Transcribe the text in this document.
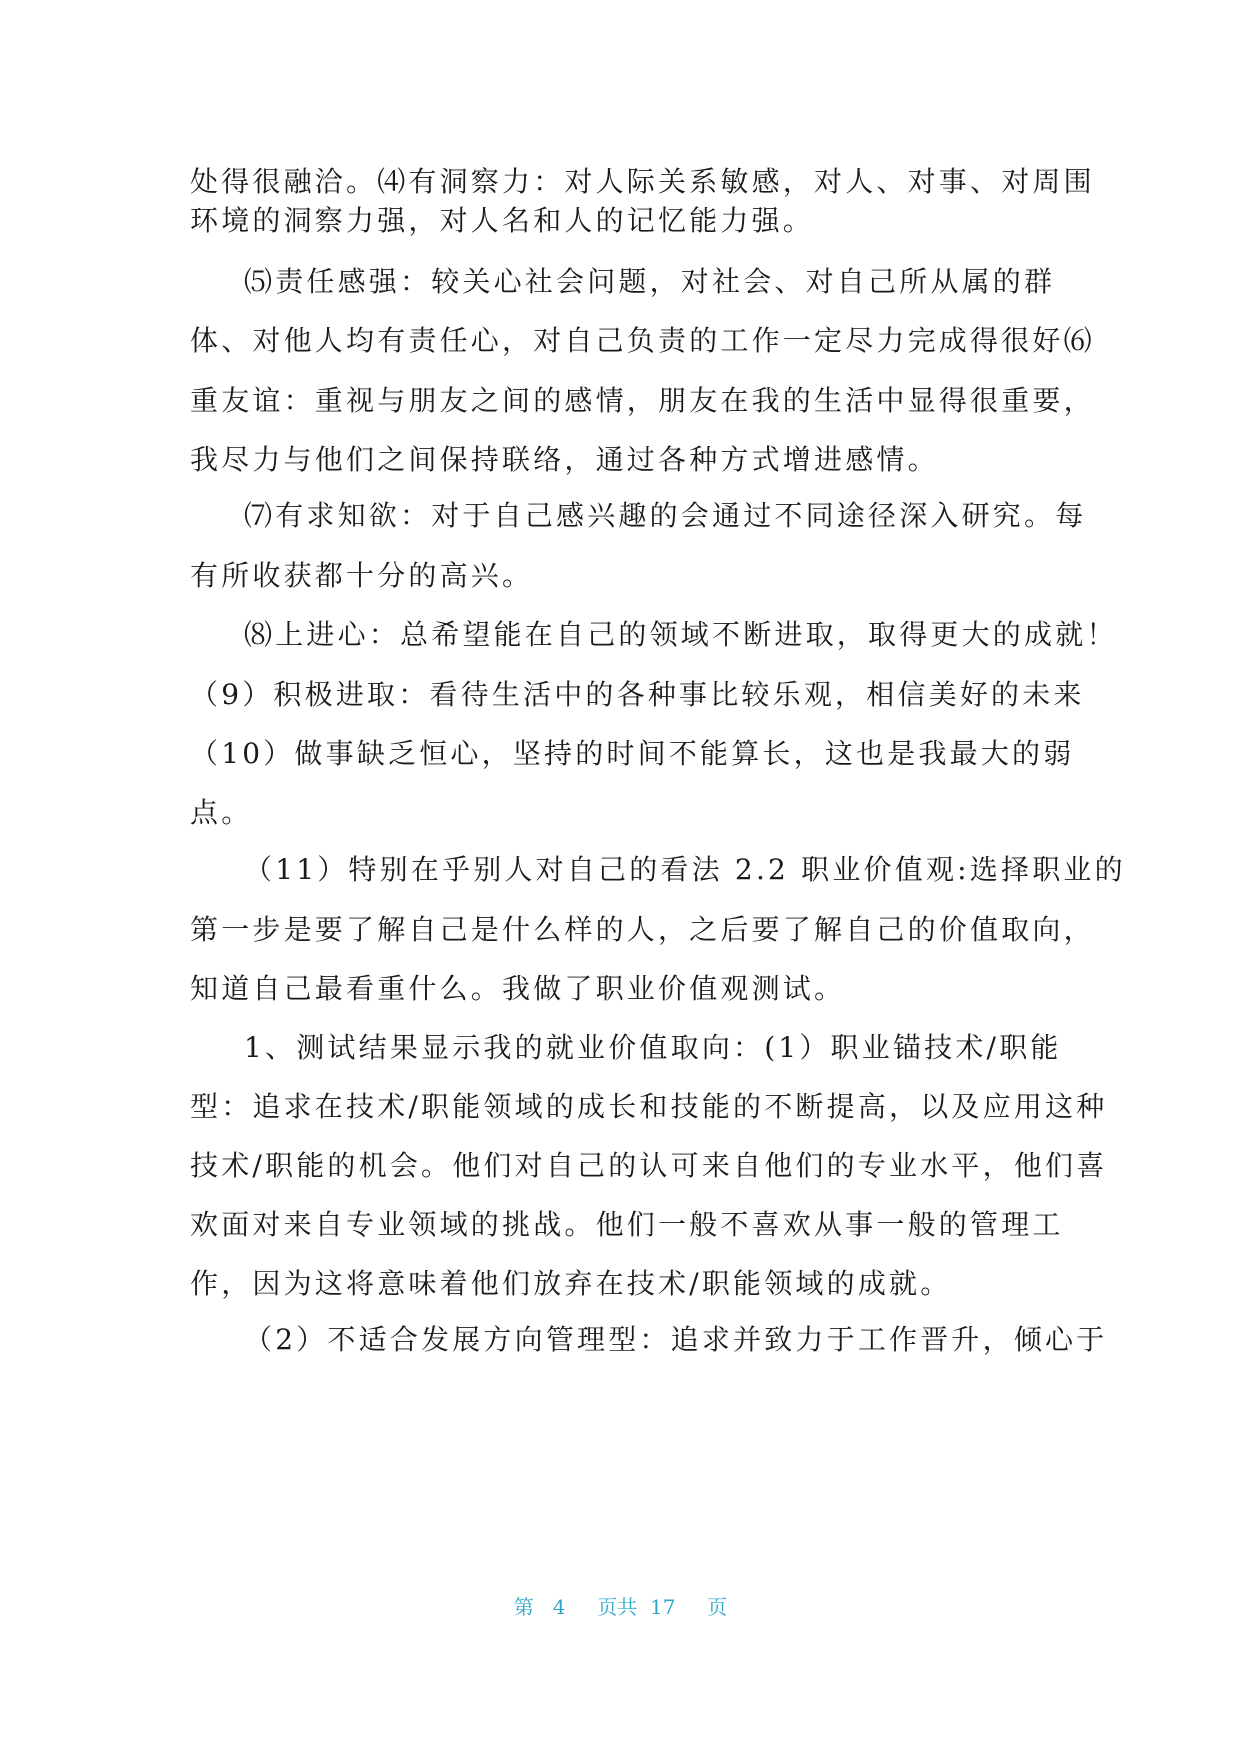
处得很融洽。⑷有洞察力：对人际关系敏感，对人、对事、对周围
环境的洞察力强，对人名和人的记忆能力强。
⑸责任感强：较关心社会问题，对社会、对自己所从属的群
体、对他人均有责任心，对自己负责的工作一定尽力完成得很好⑹
重友谊：重视与朋友之间的感情，朋友在我的生活中显得很重要，
我尽力与他们之间保持联络，通过各种方式增进感情。
⑺有求知欲：对于自己感兴趣的会通过不同途径深入研究。每
有所收获都十分的高兴。
⑻上进心：总希望能在自己的领域不断进取，取得更大的成就！
（9）积极进取：看待生活中的各种事比较乐观，相信美好的未来
（10）做事缺乏恒心，坚持的时间不能算长，这也是我最大的弱
点。
（11）特别在乎别人对自己的看法 2.2 职业价值观:选择职业的
第一步是要了解自己是什么样的人，之后要了解自己的价值取向，
知道自己最看重什么。我做了职业价值观测试。
1、测试结果显示我的就业价值取向：(1）职业锚技术/职能
型：追求在技术/职能领域的成长和技能的不断提高，以及应用这种
技术/职能的机会。他们对自己的认可来自他们的专业水平，他们喜
欢面对来自专业领域的挑战。他们一般不喜欢从事一般的管理工
作，因为这将意味着他们放弃在技术/职能领域的成就。
（2）不适合发展方向管理型：追求并致力于工作晋升，倾心于
第 4 页共 17 页
